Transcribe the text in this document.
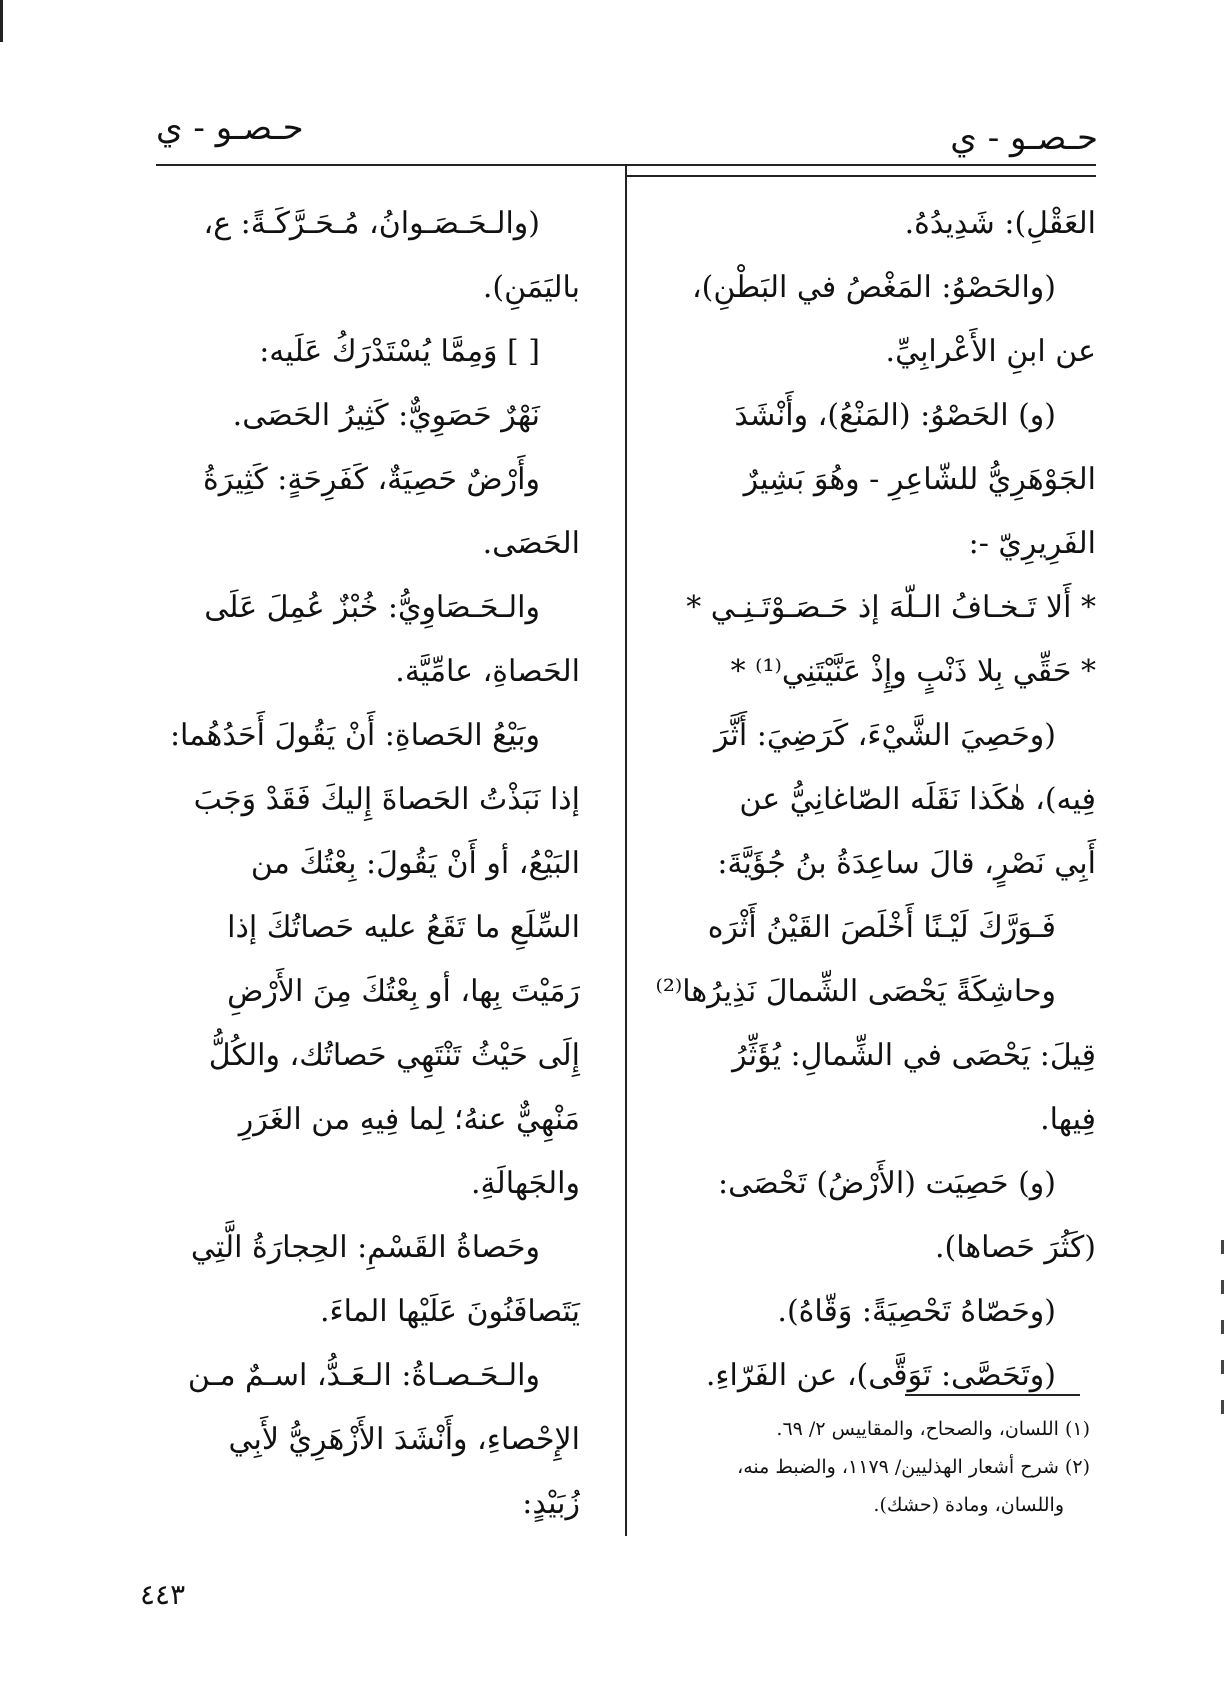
حـصـو - ي
حـصـو - ي
العَقْلِ): شَدِيدُهُ.
(والحَصْوُ: المَغْصُ في البَطْنِ)،
عن ابنِ الأَعْرابِيِّ.
(و) الحَصْوُ: (المَنْعُ)، وأَنْشَدَ
الجَوْهَرِيُّ للشّاعِرِ - وهُوَ بَشِيرٌ
الفَرِيرِيّ -:
* أَلا تَـخـافُ الـلّهَ إذ حَـصَـوْتَـنِـي *
* حَقِّي بِلا ذَنْبٍ وإِذْ عَنَّيْتَنِي⁽¹⁾ *
(وحَصِيَ الشَّيْءَ، كَرَضِيَ: أَثَّرَ
فِيه)، هٰكَذا نَقَلَه الصّاغانِيُّ عن
أَبِي نَصْرٍ، قالَ ساعِدَةُ بنُ جُؤَيَّةَ:
فَـوَرَّكَ لَيْـنًا أَخْلَصَ القَيْنُ أَثْرَه
وحاشِكَةً يَحْصَى الشِّمالَ نَذِيرُها⁽²⁾
قِيلَ: يَحْصَى في الشِّمالِ: يُؤَثِّرُ
فِيها.
(و) حَصِيَت (الأَرْضُ) تَحْصَى:
(كَثُرَ حَصاها).
(وحَصّاهُ تَحْصِيَةً: وَقّاهُ).
(وتَحَصَّى: تَوَقَّى)، عن الفَرّاءِ.
(والـحَـصَـوانُ، مُـحَـرَّكَـةً: ع،
باليَمَنِ).
[ ] وَمِمَّا يُسْتَدْرَكُ عَلَيه:
نَهْرٌ حَصَوِيٌّ: كَثِيرُ الحَصَى.
وأَرْضٌ حَصِيَةٌ، كَفَرِحَةٍ: كَثِيرَةُ
الحَصَى.
والـحَـصَاوِيُّ: خُبْزٌ عُمِلَ عَلَى
الحَصاةِ، عامِّيَّة.
وبَيْعُ الحَصاةِ: أَنْ يَقُولَ أَحَدُهُما:
إذا نَبَذْتُ الحَصاةَ إِليكَ فَقَدْ وَجَبَ
البَيْعُ، أو أَنْ يَقُولَ: بِعْتُكَ من
السِّلَعِ ما تَقَعُ عليه حَصاتُكَ إذا
رَمَيْتَ بِها، أو بِعْتُكَ مِنَ الأَرْضِ
إِلَى حَيْثُ تَنْتَهِي حَصاتُك، والكُلُّ
مَنْهِيٌّ عنهُ؛ لِما فِيهِ من الغَرَرِ
والجَهالَةِ.
وحَصاةُ القَسْمِ: الحِجارَةُ الَّتِي
يَتَصافَنُونَ عَلَيْها الماءَ.
والـحَـصـاةُ: الـعَـدُّ، اسـمٌ مـن
الإِحْصاءِ، وأَنْشَدَ الأَزْهَرِيُّ لأَبِي
زُبَيْدٍ:
(١) اللسان، والصحاح، والمقاييس ٢/ ٦٩.
(٢) شرح أشعار الهذليين/ ١١٧٩، والضبط منه،
واللسان، ومادة (حشك).
٤٤٣
